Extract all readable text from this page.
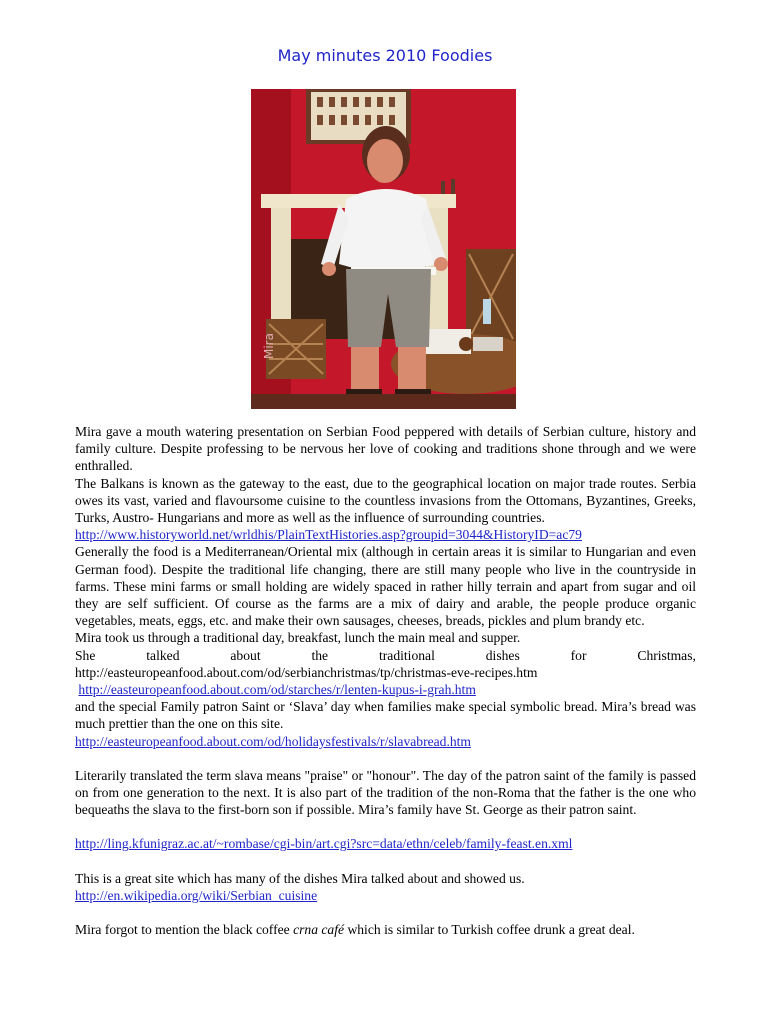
May minutes 2010 Foodies
Mira

Mira gave a mouth watering presentation on Serbian Food peppered with details of Serbian culture, history and family culture. Despite professing to be nervous her love of cooking and traditions shone through and we were enthralled.

The Balkans is known as the gateway to the east, due to the geographical location on major trade routes. Serbia owes its vast, varied and flavoursome cuisine to the countless invasions from the Ottomans, Byzantines, Greeks, Turks, Austro- Hungarians and more as well as the influence of surrounding countries.

http://www.historyworld.net/wrldhis/PlainTextHistories.asp?groupid=3044&HistoryID=ac79

Generally the food is a Mediterranean/Oriental mix (although in certain areas it is similar to Hungarian and even German food). Despite the traditional life changing, there are still many people who live in the countryside in farms. These mini farms or small holding are widely spaced in rather hilly terrain and apart from sugar and oil they are self sufficient. Of course as the farms are a mix of dairy and arable, the people produce organic vegetables, meats, eggs, etc. and make their own sausages, cheeses, breads, pickles and plum brandy etc.

Mira took us through a traditional day, breakfast, lunch the main meal and supper.

She	talked	about	the	traditional	dishes	for	Christmas,

http://easteuropeanfood.about.com/od/serbianchristmas/tp/christmas-eve-recipes.htm

http://easteuropeanfood.about.com/od/starches/r/lenten-kupus-i-grah.htm

and the special Family patron Saint or ‘Slava’ day when families make special symbolic bread. Mira’s bread was much prettier than the one on this site.

http://easteuropeanfood.about.com/od/holidaysfestivals/r/slavabread.htm

Literarily translated the term slava means "praise" or "honour". The day of the patron saint of the family is passed on from one generation to the next. It is also part of the tradition of the non-Roma that the father is the one who bequeaths the slava to the first-born son if possible. Mira’s family have St. George as their patron saint.

http://ling.kfunigraz.ac.at/~rombase/cgi-bin/art.cgi?src=data/ethn/celeb/family-feast.en.xml

This is a great site which has many of the dishes Mira talked about and showed us.

http://en.wikipedia.org/wiki/Serbian_cuisine

Mira forgot to mention the black coffee crna café which is similar to Turkish coffee drunk a great deal.
